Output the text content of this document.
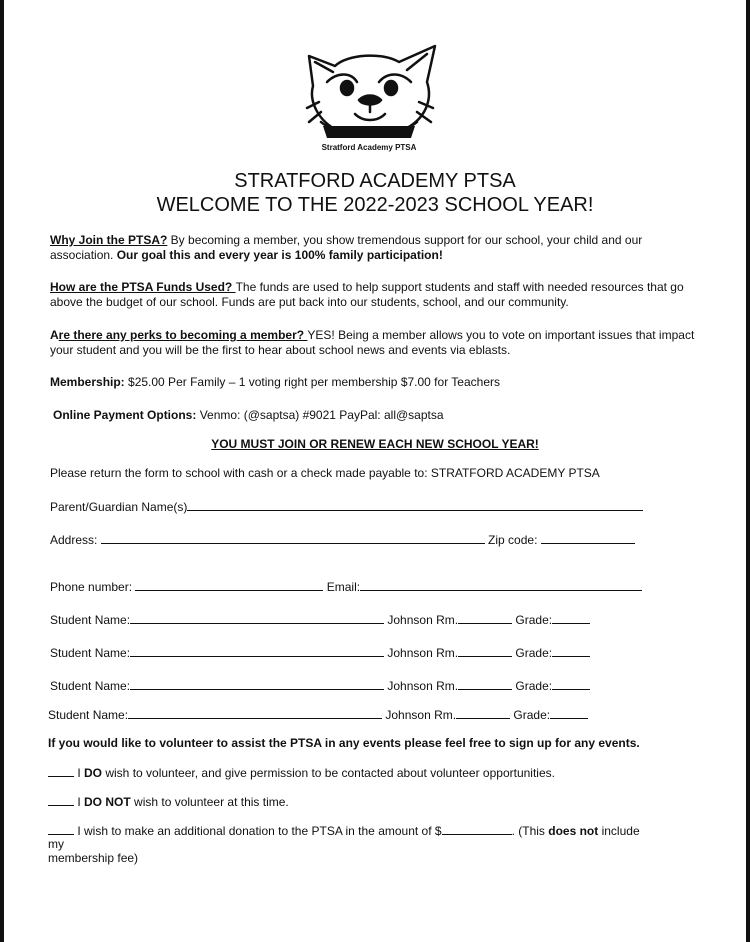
Stratford Academy PTSA
STRATFORD ACADEMY PTSA
WELCOME TO THE 2022-2023 SCHOOL YEAR!
Why Join the PTSA? By becoming a member, you show tremendous support for our school, your child and our association. Our goal this and every year is 100% family participation!
How are the PTSA Funds Used? The funds are used to help support students and staff with needed resources that go above the budget of our school. Funds are put back into our students, school, and our community.
Are there any perks to becoming a member? YES! Being a member allows you to vote on important issues that impact your student and you will be the first to hear about school news and events via eblasts.
Membership: $25.00 Per Family – 1 voting right per membership $7.00 for Teachers
Online Payment Options: Venmo: (@saptsa) #9021 PayPal: all@saptsa
YOU MUST JOIN OR RENEW EACH NEW SCHOOL YEAR!
Please return the form to school with cash or a check made payable to: STRATFORD ACADEMY PTSA
Parent/Guardian Name(s)
Address:	Zip code:
Phone number:	Email:
Student Name:	Johnson Rm.	Grade:
Student Name:	Johnson Rm.	Grade:
Student Name:	Johnson Rm.	Grade:
Student Name:	Johnson Rm.	Grade:
If you would like to volunteer to assist the PTSA in any events please feel free to sign up for any events.
I DO wish to volunteer, and give permission to be contacted about volunteer opportunities.
I DO NOT wish to volunteer at this time.
I wish to make an additional donation to the PTSA in the amount of $	. (This does not include
my
membership fee)
